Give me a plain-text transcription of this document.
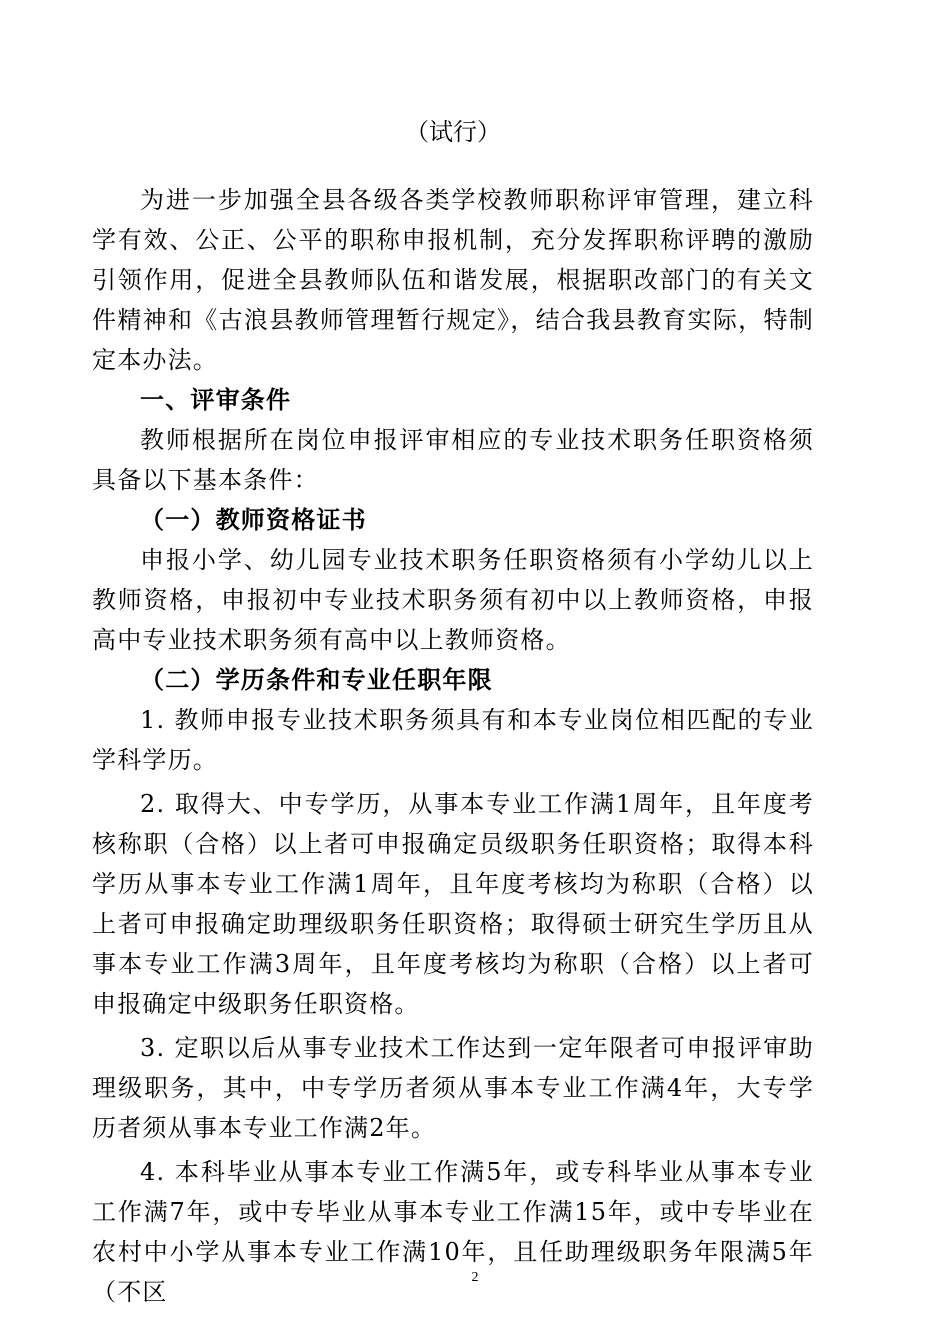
（试行）

为进一步加强全县各级各类学校教师职称评审管理，建立科学有效、公正、公平的职称申报机制，充分发挥职称评聘的激励引领作用，促进全县教师队伍和谐发展，根据职改部门的有关文件精神和《古浪县教师管理暂行规定》，结合我县教育实际，特制定本办法。

一、评审条件

教师根据所在岗位申报评审相应的专业技术职务任职资格须具备以下基本条件：

（一）教师资格证书

申报小学、幼儿园专业技术职务任职资格须有小学幼儿以上教师资格，申报初中专业技术职务须有初中以上教师资格，申报高中专业技术职务须有高中以上教师资格。

（二）学历条件和专业任职年限

1. 教师申报专业技术职务须具有和本专业岗位相匹配的专业学科学历。

2. 取得大、中专学历，从事本专业工作满1周年，且年度考核称职（合格）以上者可申报确定员级职务任职资格；取得本科学历从事本专业工作满1周年，且年度考核均为称职（合格）以上者可申报确定助理级职务任职资格；取得硕士研究生学历且从事本专业工作满3周年，且年度考核均为称职（合格）以上者可申报确定中级职务任职资格。

3. 定职以后从事专业技术工作达到一定年限者可申报评审助理级职务，其中，中专学历者须从事本专业工作满4年，大专学历者须从事本专业工作满2年。

4. 本科毕业从事本专业工作满5年，或专科毕业从事本专业工作满7年，或中专毕业从事本专业工作满15年，或中专毕业在农村中小学从事本专业工作满10年，且任助理级职务年限满5年（不区

2
